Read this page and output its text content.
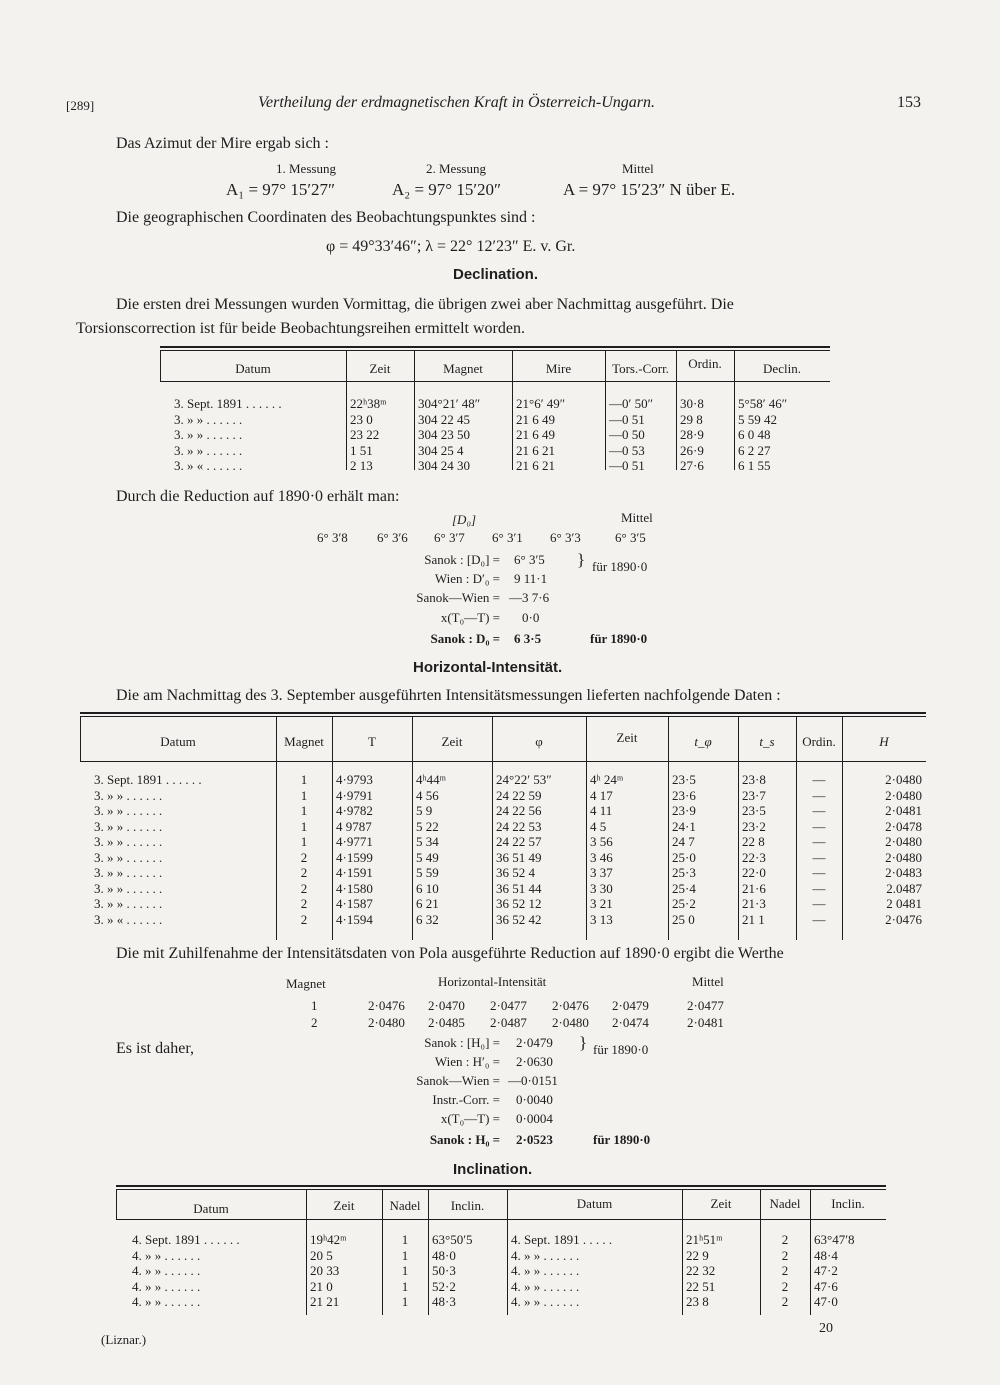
[289]	Vertheilung der erdmagnetischen Kraft in Österreich-Ungarn.	153
Das Azimut der Mire ergab sich :
1. Messung	2. Messung	Mittel
A₁ = 97° 15′27″	A₂ = 97° 15′20″	A = 97° 15′23″ N über E.
Die geographischen Coordinaten des Beobachtungspunktes sind :
φ = 49°33′46″; λ = 22° 12′23″ E. v. Gr.
Declination.
Die ersten drei Messungen wurden Vormittag, die übrigen zwei aber Nachmittag ausgeführt. Die
Torsionscorrection ist für beide Beobachtungsreihen ermittelt worden.
Datum	Zeit	Magnet	Mire	Tors.-Corr.	Ordin.	Declin.
3. Sept. 1891 . . . . . .	22ʰ38ᵐ	304°21′ 48″	21°6′ 49″	—0′ 50″	30·8	5°58′ 46″
3. » » . . . . . .	23 0	304 22 45	21 6 49	—0 51	29 8	5 59 42
3. » » . . . . . .	23 22	304 23 50	21 6 49	—0 50	28·9	6 0 48
3. » » . . . . . .	1 51	304 25 4	21 6 21	—0 53	26·9	6 2 27
3. » « . . . . . .	2 13	304 24 30	21 6 21	—0 51	27·6	6 1 55
Durch die Reduction auf 1890·0 erhält man:
[D₀]	Mittel
6° 3′8 6° 3′6 6° 3′7 6° 3′1 6° 3′3	6° 3′5
Sanok : [D₀] = 6° 3′5
Wien : D′₀ = 9 11·1
Sanok—Wien = —3 7·6
x(T₀—T) = 0·0
Sanok : D₀ = 6 3·5
} für 1890·0
für 1890·0
Horizontal-Intensität.
Die am Nachmittag des 3. September ausgeführten Intensitätsmessungen lieferten nachfolgende Daten :
Datum	Magnet	T	Zeit	φ	Zeit	t_φ	t_s	Ordin.	H
3. Sept. 1891 . . . . . .	1	4·9793	4ʰ44ᵐ	24°22′ 53″	4ʰ 24ᵐ	23·5	23·8	—	2·0480
3. » » . . . . . .	1	4·9791	4 56	24 22 59	4 17	23·6	23·7	—	2·0480
3. » » . . . . . .	1	4·9782	5 9	24 22 56	4 11	23·9	23·5	—	2·0481
3. » » . . . . . .	1	4 9787	5 22	24 22 53	4 5	24·1	23·2	—	2·0478
3. » » . . . . . .	1	4·9771	5 34	24 22 57	3 56	24 7	22 8	—	2·0480
3. » » . . . . . .	2	4·1599	5 49	36 51 49	3 46	25·0	22·3	—	2·0480
3. » » . . . . . .	2	4·1591	5 59	36 52 4	3 37	25·3	22·0	—	2·0483
3. » » . . . . . .	2	4·1580	6 10	36 51 44	3 30	25·4	21·6	—	2.0487
3. » » . . . . . .	2	4·1587	6 21	36 52 12	3 21	25·2	21·3	—	2 0481
3. » « . . . . . .	2	4·1594	6 32	36 52 42	3 13	25 0	21 1	—	2·0476
Die mit Zuhilfenahme der Intensitätsdaten von Pola ausgeführte Reduction auf 1890·0 ergibt die Werthe
Magnet	Horizontal-Intensität	Mittel
1	2·0476 2·0470 2·0477 2·0476 2·0479	2·0477
2	2·0480 2·0485 2·0487 2·0480 2·0474	2·0481
Es ist daher,	Sanok : [H₀] = 2·0479
Wien : H′₀ = 2·0630
Sanok—Wien = —0·0151
Instr.-Corr. = 0·0040
x(T₀—T) = 0·0004
Sanok : H₀ = 2·0523
} für 1890·0
für 1890·0
Inclination.
Datum	Zeit	Nadel	Inclin.	Datum	Zeit	Nadel	Inclin.
4. Sept. 1891 . . . . . .	19ʰ42ᵐ	1	63°50′5	4. Sept. 1891 . . . . .	21ʰ51ᵐ	2	63°47′8
4. » » . . . . . .	20 5	1	48·0	4. » » . . . . . .	22 9	2	48·4
4. » » . . . . . .	20 33	1	50·3	4. » » . . . . . .	22 32	2	47·2
4. » » . . . . . .	21 0	1	52·2	4. » » . . . . . .	22 51	2	47·6
4. » » . . . . . .	21 21	1	48·3	4. » » . . . . . .	23 8	2	47·0
(Liznar.)
20
